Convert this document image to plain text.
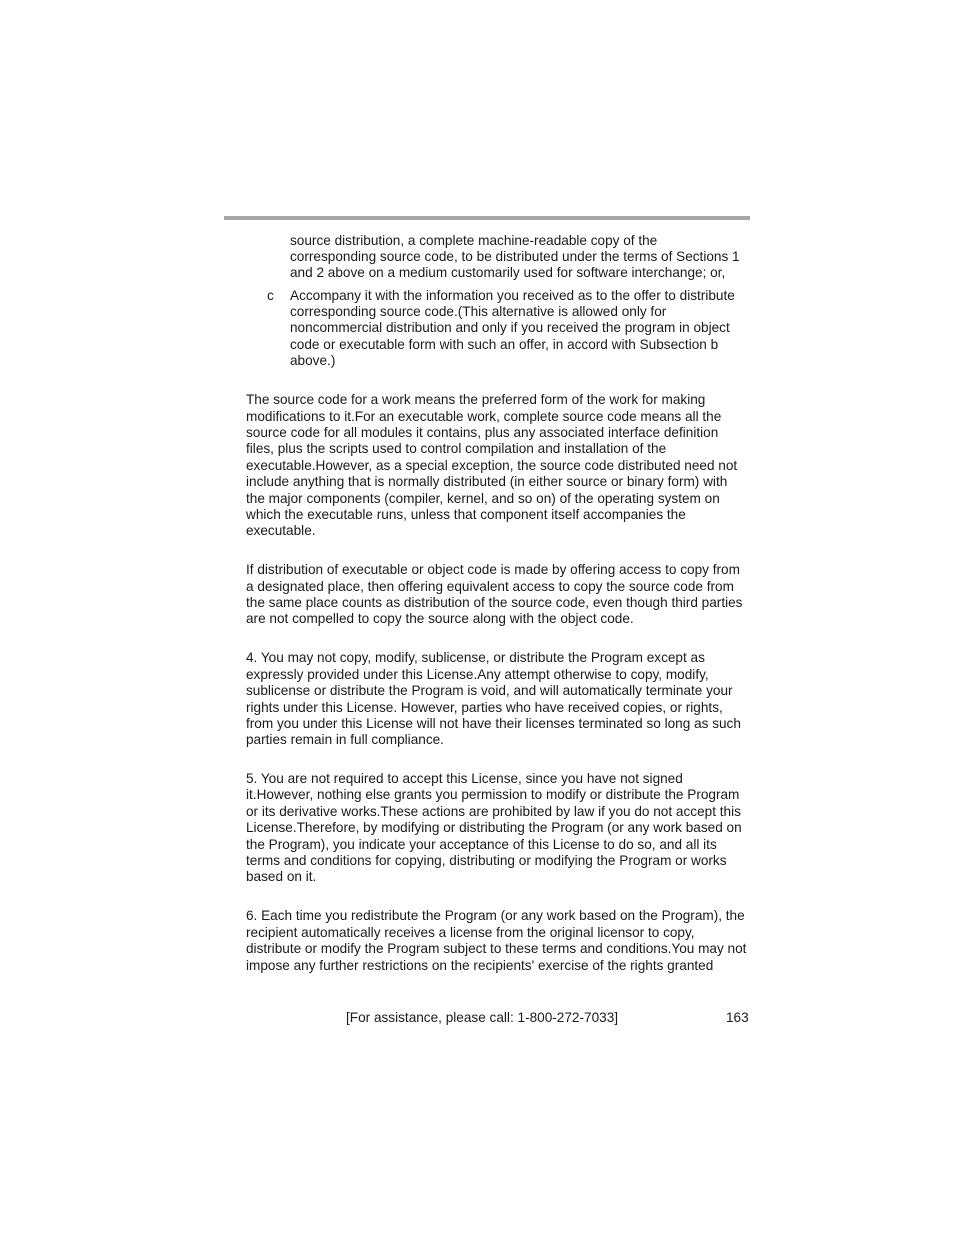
source distribution, a complete machine-readable copy of the
corresponding source code, to be distributed under the terms of Sections 1
and 2 above on a medium customarily used for software interchange; or,
c Accompany it with the information you received as to the offer to distribute
corresponding source code.(This alternative is allowed only for
noncommercial distribution and only if you received the program in object
code or executable form with such an offer, in accord with Subsection b
above.)
The source code for a work means the preferred form of the work for making
modifications to it.For an executable work, complete source code means all the
source code for all modules it contains, plus any associated interface definition
files, plus the scripts used to control compilation and installation of the
executable.However, as a special exception, the source code distributed need not
include anything that is normally distributed (in either source or binary form) with
the major components (compiler, kernel, and so on) of the operating system on
which the executable runs, unless that component itself accompanies the
executable.
If distribution of executable or object code is made by offering access to copy from
a designated place, then offering equivalent access to copy the source code from
the same place counts as distribution of the source code, even though third parties
are not compelled to copy the source along with the object code.
4. You may not copy, modify, sublicense, or distribute the Program except as
expressly provided under this License.Any attempt otherwise to copy, modify,
sublicense or distribute the Program is void, and will automatically terminate your
rights under this License. However, parties who have received copies, or rights,
from you under this License will not have their licenses terminated so long as such
parties remain in full compliance.
5. You are not required to accept this License, since you have not signed
it.However, nothing else grants you permission to modify or distribute the Program
or its derivative works.These actions are prohibited by law if you do not accept this
License.Therefore, by modifying or distributing the Program (or any work based on
the Program), you indicate your acceptance of this License to do so, and all its
terms and conditions for copying, distributing or modifying the Program or works
based on it.
6. Each time you redistribute the Program (or any work based on the Program), the
recipient automatically receives a license from the original licensor to copy,
distribute or modify the Program subject to these terms and conditions.You may not
impose any further restrictions on the recipients' exercise of the rights granted
[For assistance, please call: 1-800-272-7033]	163
